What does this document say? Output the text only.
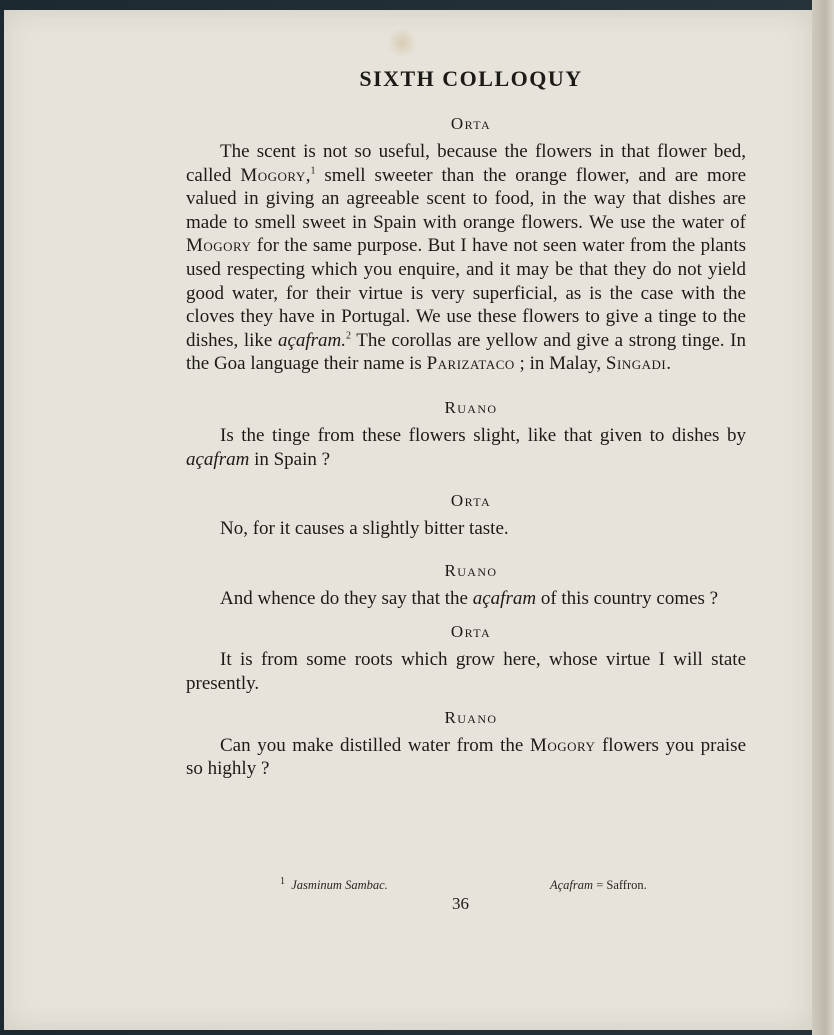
SIXTH COLLOQUY
Orta

The scent is not so useful, because the flowers in that flower bed, called Mogory,$^1$ smell sweeter than the orange flower, and are more valued in giving an agreeable scent to food, in the way that dishes are made to smell sweet in Spain with orange flowers. We use the water of Mogory for the same purpose. But I have not seen water from the plants used respecting which you enquire, and it may be that they do not yield good water, for their virtue is very superficial, as is the case with the cloves they have in Portugal. We use these flowers to give a tinge to the dishes, like açafram.$^2$ The corollas are yellow and give a strong tinge. In the Goa language their name is Parizataco ; in Malay, Singadi.

Ruano

Is the tinge from these flowers slight, like that given to dishes by açafram in Spain ?

Orta

No, for it causes a slightly bitter taste.

Ruano

And whence do they say that the açafram of this country comes ?

Orta

It is from some roots which grow here, whose virtue I will state presently.

Ruano

Can you make distilled water from the Mogory flowers you praise so highly ?

$^1$ Jasminum Sambac.	Açafram = Saffron.
36
